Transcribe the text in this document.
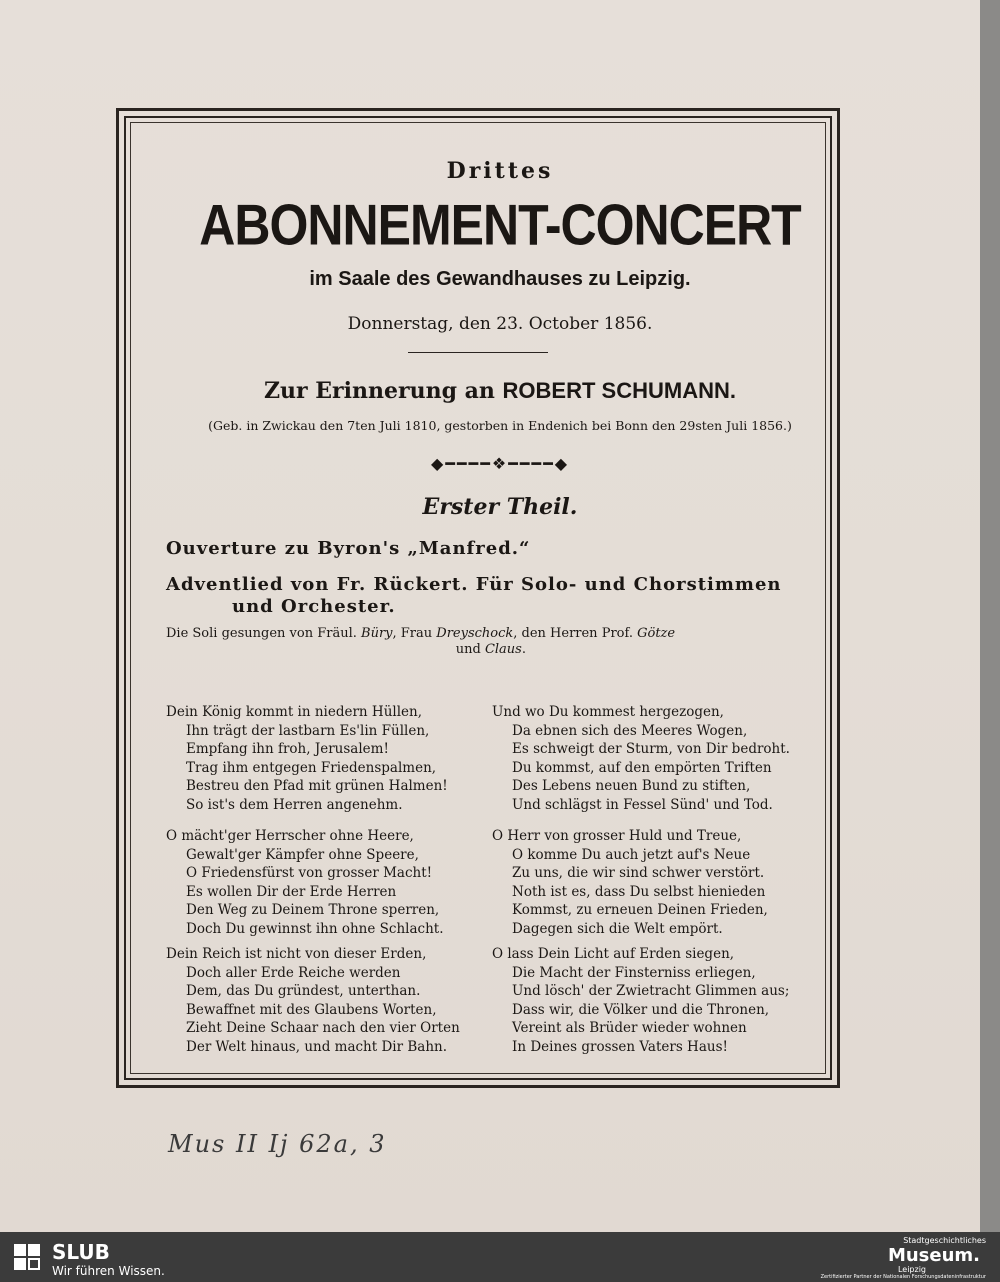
Drittes
ABONNEMENT-CONCERT
im Saale des Gewandhauses zu Leipzig.
Donnerstag, den 23. October 1856.
Zur Erinnerung an ROBERT SCHUMANN.
(Geb. in Zwickau den 7ten Juli 1810, gestorben in Endenich bei Bonn den 29sten Juli 1856.)
◆━━━━❖━━━━◆
Erster Theil.
Ouverture zu Byron's „Manfred.“
Adventlied von Fr. Rückert. Für Solo- und Chorstimmen
und Orchester.
Die Soli gesungen von Fräul. Büry, Frau Dreyschock, den Herren Prof. Götze
und Claus.

Dein König kommt in niedern Hüllen,
Ihn trägt der lastbarn Es'lin Füllen,
Empfang ihn froh, Jerusalem!
Trag ihm entgegen Friedenspalmen,
Bestreu den Pfad mit grünen Halmen!
So ist's dem Herren angenehm.

O mächt'ger Herrscher ohne Heere,
Gewalt'ger Kämpfer ohne Speere,
O Friedensfürst von grosser Macht!
Es wollen Dir der Erde Herren
Den Weg zu Deinem Throne sperren,
Doch Du gewinnst ihn ohne Schlacht.

Dein Reich ist nicht von dieser Erden,
Doch aller Erde Reiche werden
Dem, das Du gründest, unterthan.
Bewaffnet mit des Glaubens Worten,
Zieht Deine Schaar nach den vier Orten
Der Welt hinaus, und macht Dir Bahn.

Und wo Du kommest hergezogen,
Da ebnen sich des Meeres Wogen,
Es schweigt der Sturm, von Dir bedroht.
Du kommst, auf den empörten Triften
Des Lebens neuen Bund zu stiften,
Und schlägst in Fessel Sünd' und Tod.

O Herr von grosser Huld und Treue,
O komme Du auch jetzt auf's Neue
Zu uns, die wir sind schwer verstört.
Noth ist es, dass Du selbst hienieden
Kommst, zu erneuen Deinen Frieden,
Dagegen sich die Welt empört.

O lass Dein Licht auf Erden siegen,
Die Macht der Finsterniss erliegen,
Und lösch' der Zwietracht Glimmen aus;
Dass wir, die Völker und die Thronen,
Vereint als Brüder wieder wohnen
In Deines grossen Vaters Haus!

Mus II Ij 62a, 3
SLUB
Wir führen Wissen.
Stadtgeschichtliches
Museum.
Leipzig
Zertifizierter Partner der Nationalen Forschungsdateninfrastruktur
